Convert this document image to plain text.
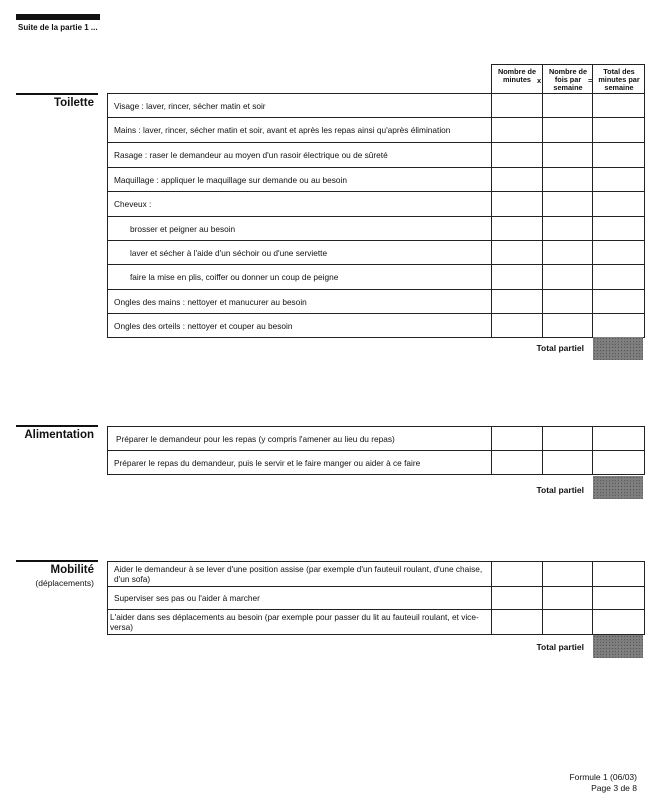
Suite de la partie 1 ...
Nombre de minutes
Nombre de fois par semaine
Total des minutes par semaine
x	=
Toilette
			Visage : laver, rincer, sécher matin et soir			
Mains : laver, rincer, sécher matin et soir, avant et après les repas ainsi qu'après élimination			
Rasage : raser le demandeur au moyen d'un rasoir électrique ou de sûreté			
Maquillage : appliquer le maquillage sur demande ou au besoin			
Cheveux :			
brosser et peigner au besoin			
laver et sécher à l'aide d'un séchoir ou d'une serviette			
faire la mise en plis, coiffer ou donner un coup de peigne			
Ongles des mains : nettoyer et manucurer au besoin			
Ongles des orteils : nettoyer et couper au besoin			
Total partiel
Alimentation	Préparer le demandeur pour les repas (y compris l'amener au lieu du repas)			
Préparer le repas du demandeur, puis le servir et le faire manger ou aider à ce faire			
Total partiel
Mobilité
(déplacements)
Aider le demandeur à se lever d'une position assise (par exemple d'un fauteuil roulant, d'une chaise, d'un sofa)			
Superviser ses pas ou l'aider à marcher			
L'aider dans ses déplacements au besoin (par exemple pour passer du lit au fauteuil roulant, et vice-versa)			
Total partiel
Formule 1 (06/03)
Page 3 de 8
